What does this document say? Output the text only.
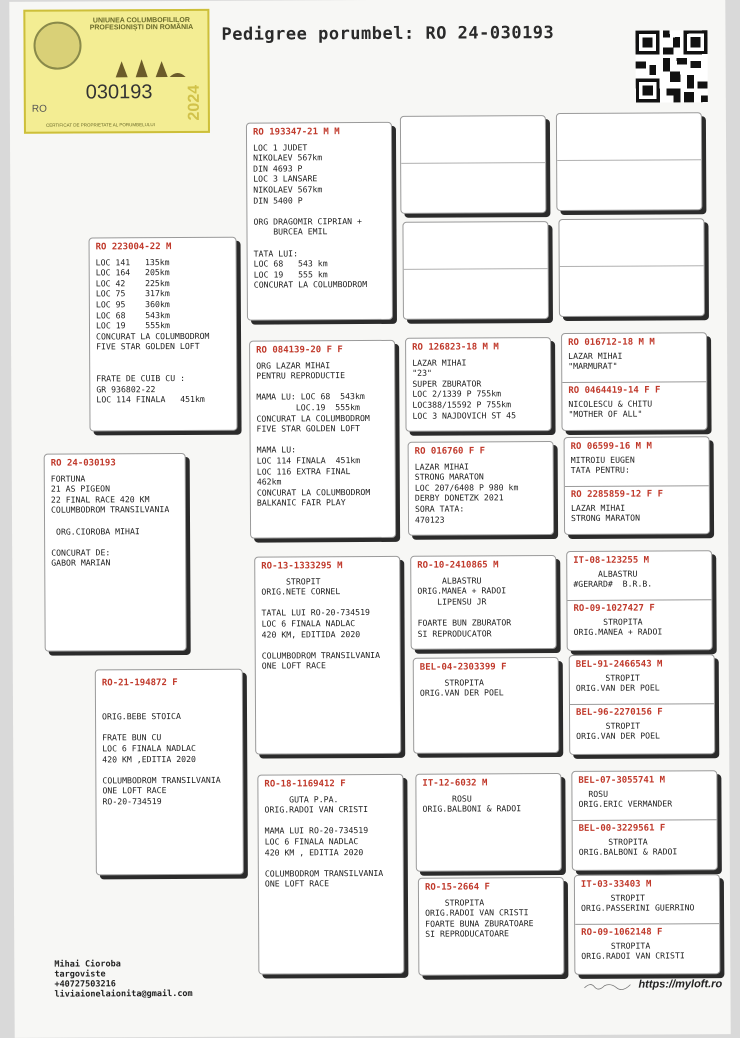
UNIUNEA COLUMBOFILILOR
PROFESIONIȘTI DIN ROMÂNIA
030193
RO	2024
CERTIFICAT DE PROPRIETATE AL PORUMBELULUI
Pedigree porumbel: RO 24-030193
RO 24-030193
FORTUNA
21 AS PIGEON
22 FINAL RACE 420 KM
COLUMBODROM TRANSILVANIA

ORG.CIOROBA MIHAI

CONCURAT DE:
GABOR MARIAN
RO 223004-22 M
LOC 141   135km
LOC 164   205km
LOC 42    225km
LOC 75    317km
LOC 95    360km
LOC 68    543km
LOC 19    555km
CONCURAT LA COLUMBODROM
FIVE STAR GOLDEN LOFT

FRATE DE CUIB CU :
GR 936802-22
LOC 114 FINALA   451km
RO-21-194872 F

ORIG.BEBE STOICA

FRATE BUN CU
LOC 6 FINALA NADLAC
420 KM ,EDITIA 2020

COLUMBODROM TRANSILVANIA
ONE LOFT RACE
RO-20-734519
RO 193347-21 M M
LOC 1 JUDET
NIKOLAEV 567km
DIN 4693 P
LOC 3 LANSARE
NIKOLAEV 567km
DIN 5400 P

ORG DRAGOMIR CIPRIAN +
BURCEA EMIL

TATA LUI:
LOC 68   543 km
LOC 19   555 km
CONCURAT LA COLUMBODROM
RO 084139-20 F F
ORG LAZAR MIHAI
PENTRU REPRODUCTIE

MAMA LU: LOC 68  543km
LOC.19  555km
CONCURAT LA COLUMBODROM
FIVE STAR GOLDEN LOFT

MAMA LU:
LOC 114 FINALA  451km
LOC 116 EXTRA FINAL
462km
CONCURAT LA COLUMBODROM
BALKANIC FAIR PLAY
RO-13-1333295 M
STROPIT
ORIG.NETE CORNEL

TATAL LUI RO-20-734519
LOC 6 FINALA NADLAC
420 KM, EDITIDA 2020

COLUMBODROM TRANSILVANIA
ONE LOFT RACE
RO-18-1169412 F
GUTA P.PA.
ORIG.RADOI VAN CRISTI

MAMA LUI RO-20-734519
LOC 6 FINALA NADLAC
420 KM , EDITIA 2020

COLUMBODROM TRANSILVANIA
ONE LOFT RACE
RO 126823-18 M M
LAZAR MIHAI
"23"
SUPER ZBURATOR
LOC 2/1339 P 755km
LOC388/15592 P 755km
LOC 3 NAJDOVICH ST 45
RO 016760 F F
LAZAR MIHAI
STRONG MARATON
LOC 207/6408 P 980 km
DERBY DONETZK 2021
SORA TATA:
470123
RO-10-2410865 M
ALBASTRU
ORIG.MANEA + RADOI
LIPENSU JR

FOARTE BUN ZBURATOR
SI REPRODUCATOR
BEL-04-2303399 F
STROPITA
ORIG.VAN DER POEL
IT-12-6032 M
ROSU
ORIG.BALBONI & RADOI
RO-15-2664 F
STROPITA
ORIG.RADOI VAN CRISTI
FOARTE BUNA ZBURATOARE
SI REPRODUCATOARE
RO 016712-18 M M
LAZAR MIHAI
"MARMURAT"
RO 0464419-14 F F
NICOLESCU & CHITU
"MOTHER OF ALL"
RO 06599-16 M M
MITROIU EUGEN
TATA PENTRU:
RO 2285859-12 F F
LAZAR MIHAI
STRONG MARATON
IT-08-123255 M
ALBASTRU
#GERARD#  B.R.B.
RO-09-1027427 F
STROPITA
ORIG.MANEA + RADOI
BEL-91-2466543 M
STROPIT
ORIG.VAN DER POEL
BEL-96-2270156 F
STROPIT
ORIG.VAN DER POEL
BEL-07-3055741 M
ROSU
ORIG.ERIC VERMANDER
BEL-00-3229561 F
STROPITA
ORIG.BALBONI & RADOI
IT-03-33403 M
STROPIT
ORIG.PASSERINI GUERRINO
RO-09-1062148 F
STROPITA
ORIG.RADOI VAN CRISTI
Mihai Cioroba
targoviste
+40727503216
liviaionelaionita@gmail.com
https://myloft.ro
